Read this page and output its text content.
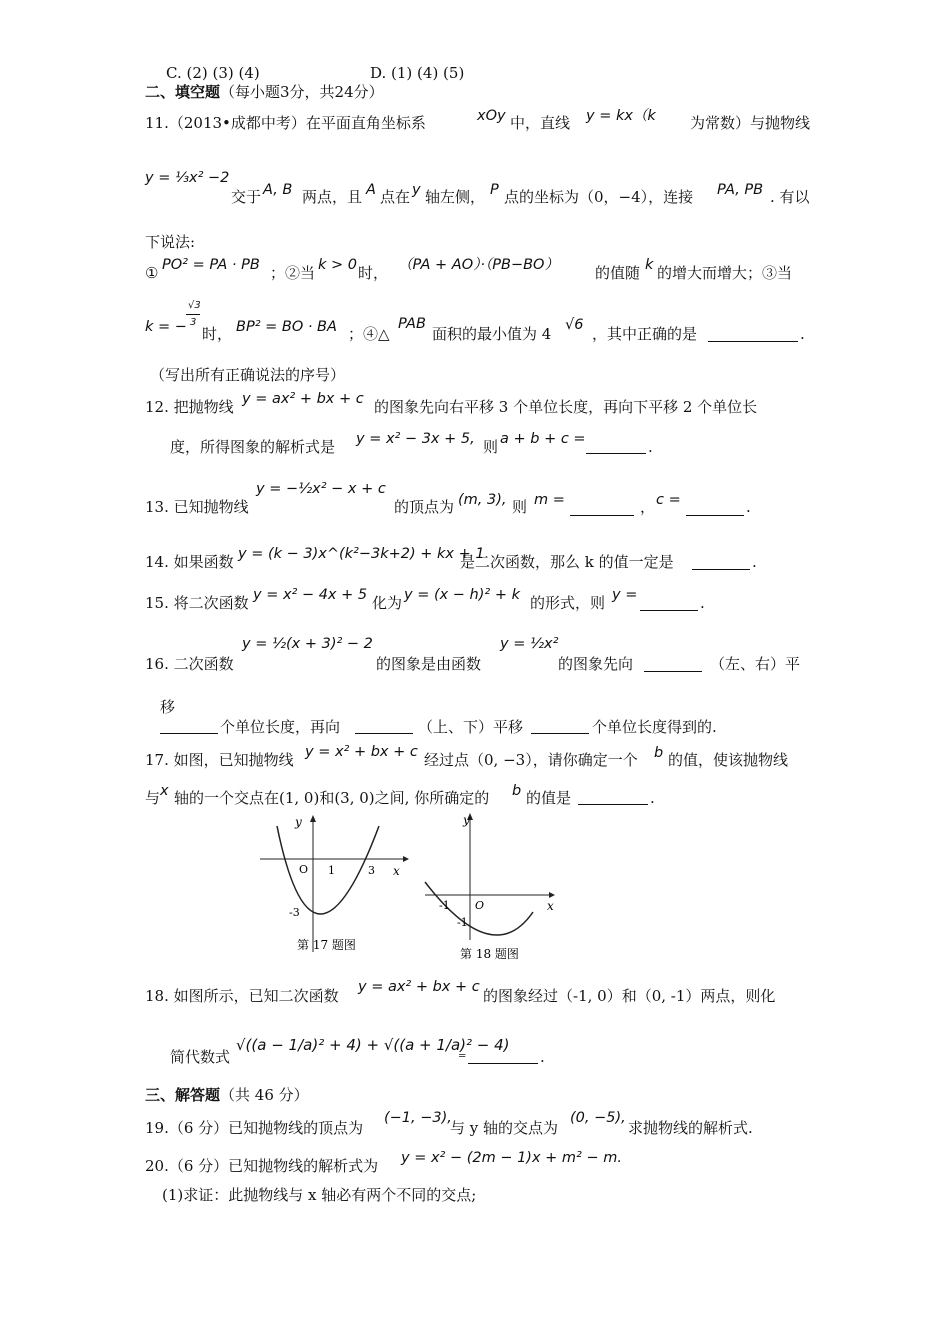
C. (2) (3) (4)	D. (1) (4) (5)
二、填空题（每小题3分，共24分）
11.（2013•成都中考）在平面直角坐标系	xOy 中，直线 y = kx（k 为常数）与抛物线
y = ⅓x² −2
交于 A, B 两点，且 A 点在 y 轴左侧， P 点的坐标为（0，−4），连接 PA, PB . 有以
下说法:
① PO² = PA · PB ；②当 k > 0 时， （PA + AO）·（PB−BO） 的值随 k 的增大而增大；③当
√3
3
k = − 时， BP² = BO · BA ；④△
PAB
面积的最小值为 4 √6 ，其中正确的是	.
（写出所有正确说法的序号）
12. 把抛物线 y = ax² + bx + c 的图象先向右平移 3 个单位长度，再向下平移 2 个单位长
度，所得图象的解析式是 y = x² − 3x + 5, 则 a + b + c =	.
y = −½x² − x + c
13. 已知抛物线	的顶点为 (m, 3), 则 m =	， c =	.
14. 如果函数 y = (k − 3)x^(k²−3k+2) + kx + 1
是二次函数，那么 k 的值一定是	.
15. 将二次函数 y = x² − 4x + 5 化为 y = (x − h)² + k 的形式，则 y =	.
y = ½(x + 3)² − 2	y = ½x²
16. 二次函数	的图象是由函数	的图象先向	（左、右）平
移
个单位长度，再向	（上、下）平移	个单位长度得到的.
17. 如图，已知抛物线 y = x² + bx + c 经过点（0, −3），请你确定一个 b 的值，使该抛物线
与 x 轴的一个交点在(1, 0)和(3, 0)之间, 你所确定的 b 的值是	.
y
x
O 1	3
-3
第 17 题图
y
x
O
-1
-1
第 18 题图
18. 如图所示，已知二次函数 y = ax² + bx + c 的图象经过（-1, 0）和（0, -1）两点，则化
简代数式
√((a − 1/a)² + 4) + √((a + 1/a)² − 4)
=	.
三、解答题（共 46 分）
19.（6 分）已知抛物线的顶点为
(−1, −3),
与 y 轴的交点为
(0, −5),
求抛物线的解析式.
20.（6 分）已知抛物线的解析式为 y = x² − (2m − 1)x + m² − m.
(1)求证：此抛物线与 x 轴必有两个不同的交点;
